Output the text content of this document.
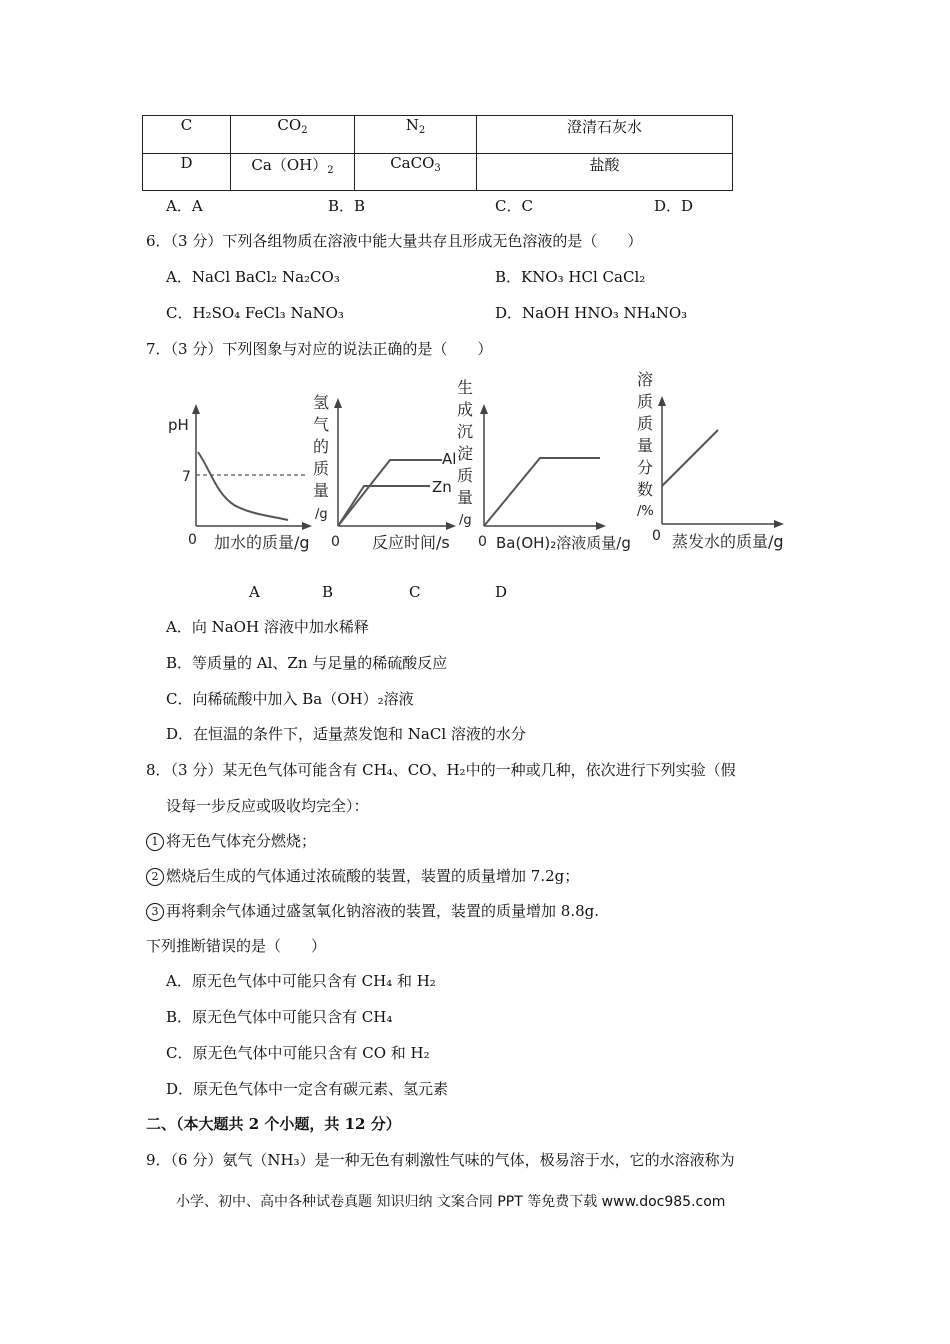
C	$CO_2$	$N_2$	澄清石灰水
D	$Ca(OH)_2$	CaCO$_3$	盐酸
A．A	B．B	C．C	D．D
6．（3 分）下列各组物质在溶液中能大量共存且形成无色溶液的是（　　）
A．NaCl BaCl₂ Na₂CO₃	B．KNO₃ HCl CaCl₂
C．H₂SO₄ FeCl₃ NaNO₃	D．NaOH HNO₃ NH₄NO₃
7．（3 分）下列图象与对应的说法正确的是（　　）
pH
7
0 加水的质量/g
氢
气
的
质
量
/g
Al
Zn
0 反应时间/s
生
成
沉
淀
质
量
/g
0 Ba(OH)₂溶液质量/g
溶
质
质
量
分
数
/%
0 蒸发水的质量/g
A	B	C	D
A．向 NaOH 溶液中加水稀释
B．等质量的 Al、Zn 与足量的稀硫酸反应
C．向稀硫酸中加入 Ba（OH）₂溶液
D．在恒温的条件下，适量蒸发饱和 NaCl 溶液的水分
8．（3 分）某无色气体可能含有 CH₄、CO、H₂中的一种或几种，依次进行下列实验（假
设每一步反应或吸收均完全）：
1 将无色气体充分燃烧；
2 燃烧后生成的气体通过浓硫酸的装置，装置的质量增加 7.2g；
3 再将剩余气体通过盛氢氧化钠溶液的装置，装置的质量增加 8.8g.
下列推断错误的是（　　）
A．原无色气体中可能只含有 CH₄ 和 H₂
B．原无色气体中可能只含有 CH₄
C．原无色气体中可能只含有 CO 和 H₂
D．原无色气体中一定含有碳元素、氢元素
二、（本大题共 2 个小题，共 12 分）
9．（6 分）氨气（NH₃）是一种无色有刺激性气味的气体，极易溶于水，它的水溶液称为
小学、初中、高中各种试卷真题 知识归纳 文案合同 PPT 等免费下载 www.doc985.com
